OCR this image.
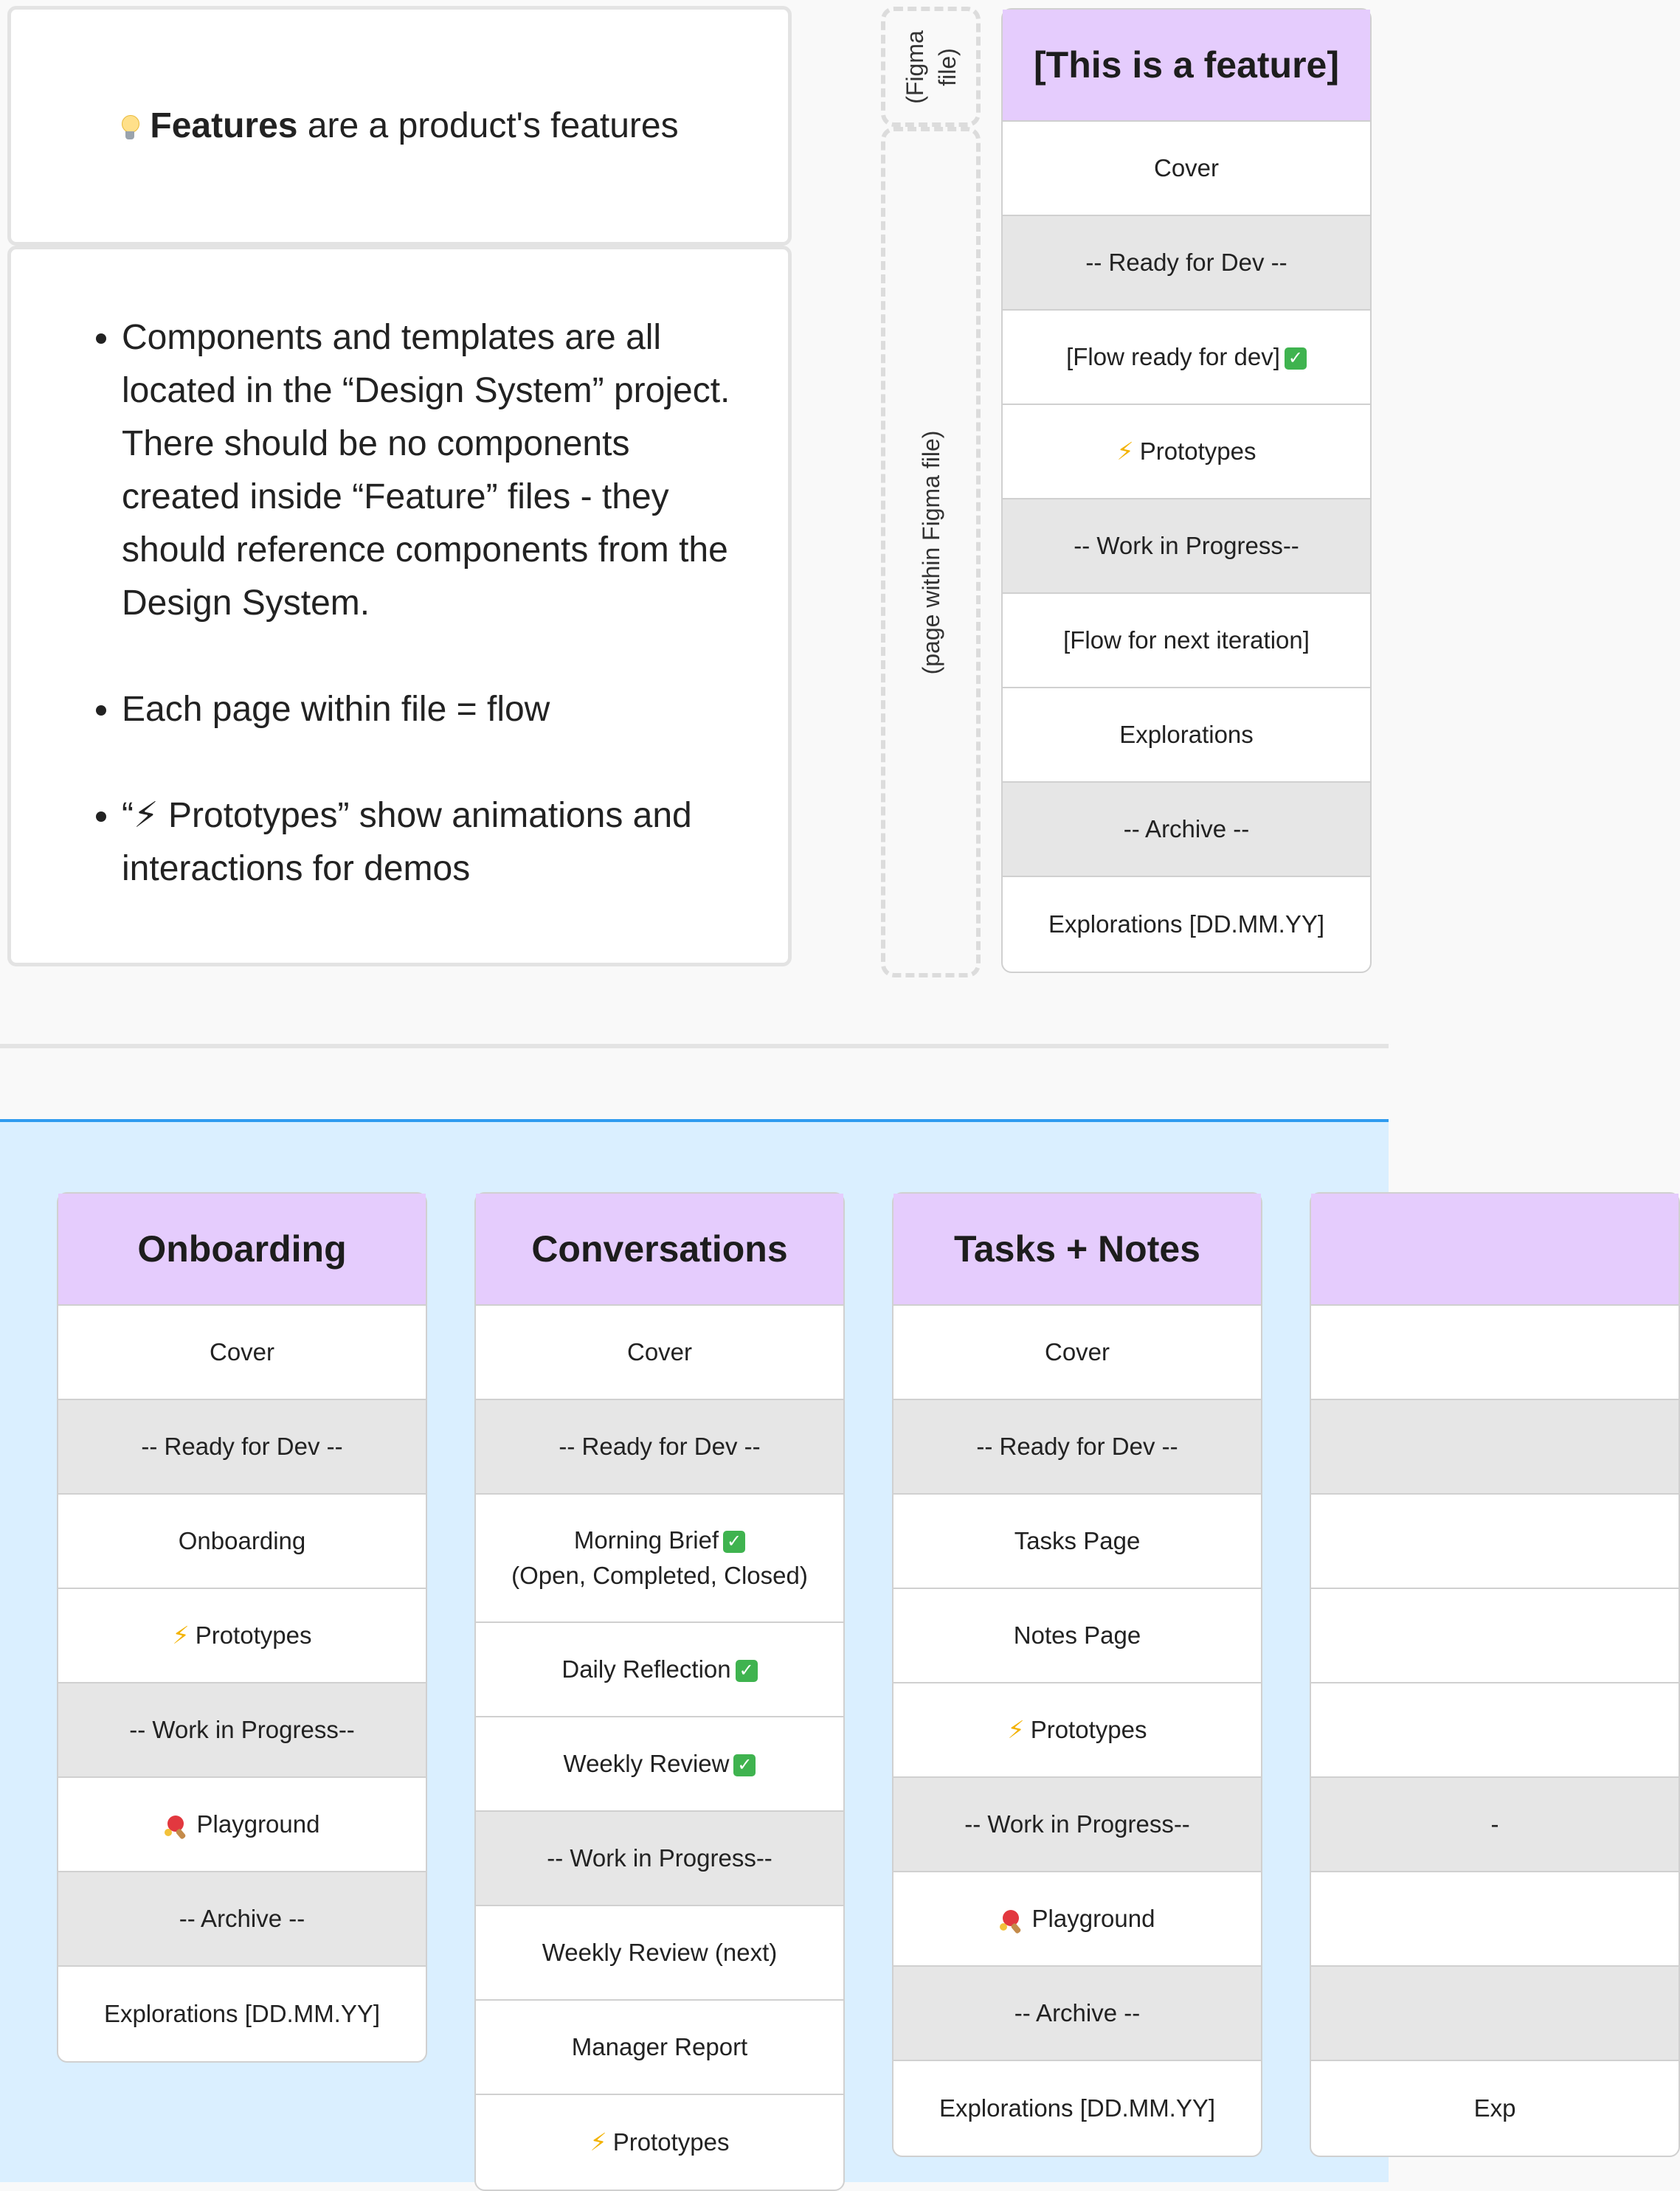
Features are a product's features
• Components and templates are all located in the “Design System” project. There should be no components created inside “Feature” files - they should reference components from the Design System.
• Each page within file = flow
• “⚡ Prototypes” show animations and interactions for demos
(Figma file)
(page within Figma file)
[This is a feature]
Cover
-- Ready for Dev --
[Flow ready for dev] ✓
⚡ Prototypes
-- Work in Progress--
[Flow for next iteration]
Explorations
-- Archive --
Explorations [DD.MM.YY]
Onboarding
Cover
-- Ready for Dev --
Onboarding
⚡ Prototypes
-- Work in Progress--
Playground
-- Archive --
Explorations [DD.MM.YY]
Conversations
Cover
-- Ready for Dev --
Morning Brief ✓
(Open, Completed, Closed)
Daily Reflection ✓
Weekly Review ✓
-- Work in Progress--
Weekly Review (next)
Manager Report
⚡ Prototypes
Tasks + Notes
Cover
-- Ready for Dev --
Tasks Page
Notes Page
⚡ Prototypes
-- Work in Progress--
Playground
-- Archive --
Explorations [DD.MM.YY]
-
Exp
